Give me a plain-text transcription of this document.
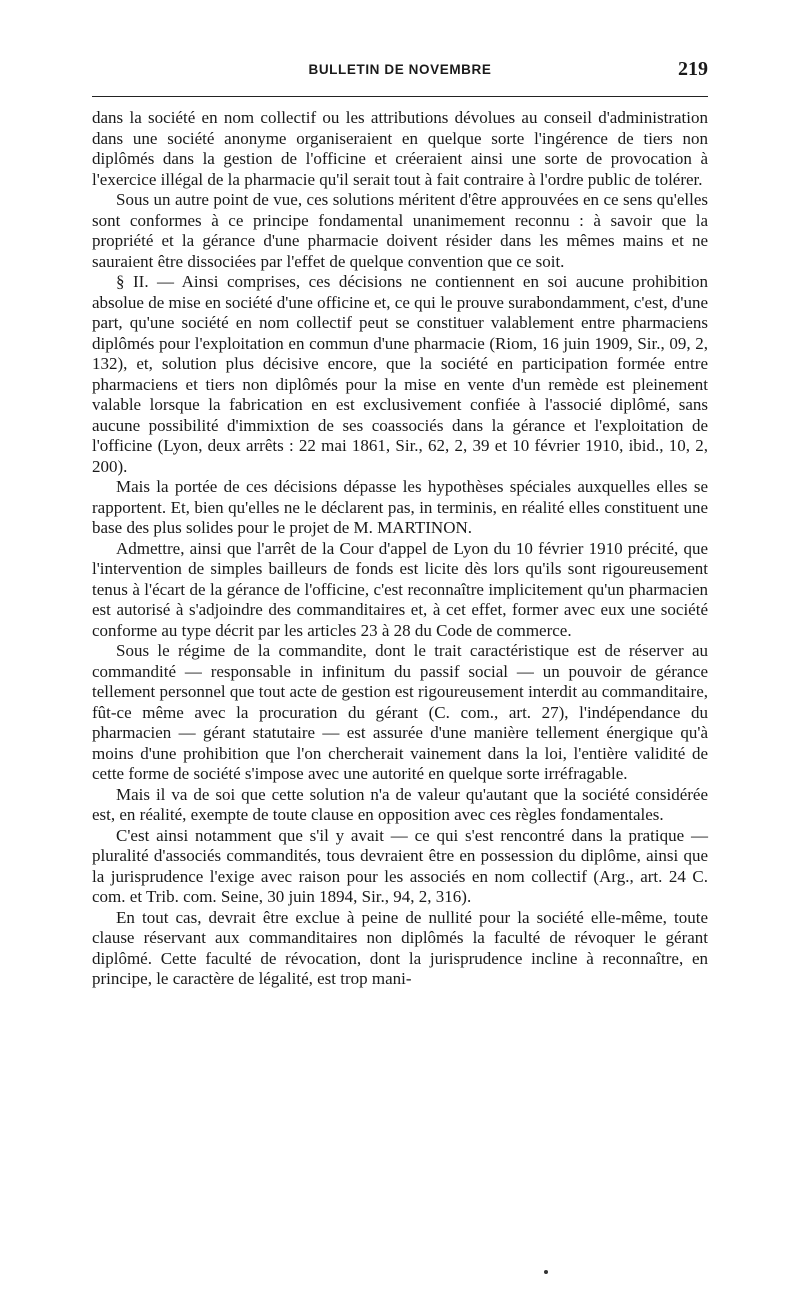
BULLETIN DE NOVEMBRE	219

dans la société en nom collectif ou les attributions dévolues au conseil d'administration dans une société anonyme organiseraient en quelque sorte l'ingérence de tiers non diplômés dans la gestion de l'officine et créeraient ainsi une sorte de provocation à l'exercice illégal de la pharmacie qu'il serait tout à fait contraire à l'ordre public de tolérer.

Sous un autre point de vue, ces solutions méritent d'être approuvées en ce sens qu'elles sont conformes à ce principe fondamental unanimement reconnu : à savoir que la propriété et la gérance d'une pharmacie doivent résider dans les mêmes mains et ne sauraient être dissociées par l'effet de quelque convention que ce soit.

§ II. — Ainsi comprises, ces décisions ne contiennent en soi aucune prohibition absolue de mise en société d'une officine et, ce qui le prouve surabondamment, c'est, d'une part, qu'une société en nom collectif peut se constituer valablement entre pharmaciens diplômés pour l'exploitation en commun d'une pharmacie (Riom, 16 juin 1909, Sir., 09, 2, 132), et, solution plus décisive encore, que la société en participation formée entre pharmaciens et tiers non diplômés pour la mise en vente d'un remède est pleinement valable lorsque la fabrication en est exclusivement confiée à l'associé diplômé, sans aucune possibilité d'immixtion de ses coassociés dans la gérance et l'exploitation de l'officine (Lyon, deux arrêts : 22 mai 1861, Sir., 62, 2, 39 et 10 février 1910, ibid., 10, 2, 200).

Mais la portée de ces décisions dépasse les hypothèses spéciales auxquelles elles se rapportent. Et, bien qu'elles ne le déclarent pas, in terminis, en réalité elles constituent une base des plus solides pour le projet de M. MARTINON.

Admettre, ainsi que l'arrêt de la Cour d'appel de Lyon du 10 février 1910 précité, que l'intervention de simples bailleurs de fonds est licite dès lors qu'ils sont rigoureusement tenus à l'écart de la gérance de l'officine, c'est reconnaître implicitement qu'un pharmacien est autorisé à s'adjoindre des commanditaires et, à cet effet, former avec eux une société conforme au type décrit par les articles 23 à 28 du Code de commerce.

Sous le régime de la commandite, dont le trait caractéristique est de réserver au commandité — responsable in infinitum du passif social — un pouvoir de gérance tellement personnel que tout acte de gestion est rigoureusement interdit au commanditaire, fût-ce même avec la procuration du gérant (C. com., art. 27), l'indépendance du pharmacien — gérant statutaire — est assurée d'une manière tellement énergique qu'à moins d'une prohibition que l'on chercherait vainement dans la loi, l'entière validité de cette forme de société s'impose avec une autorité en quelque sorte irréfragable.

Mais il va de soi que cette solution n'a de valeur qu'autant que la société considérée est, en réalité, exempte de toute clause en opposition avec ces règles fondamentales.

C'est ainsi notamment que s'il y avait — ce qui s'est rencontré dans la pratique — pluralité d'associés commandités, tous devraient être en possession du diplôme, ainsi que la jurisprudence l'exige avec raison pour les associés en nom collectif (Arg., art. 24 C. com. et Trib. com. Seine, 30 juin 1894, Sir., 94, 2, 316).

En tout cas, devrait être exclue à peine de nullité pour la société elle-même, toute clause réservant aux commanditaires non diplômés la faculté de révoquer le gérant diplômé. Cette faculté de révocation, dont la jurisprudence incline à reconnaître, en principe, le caractère de légalité, est trop mani-
